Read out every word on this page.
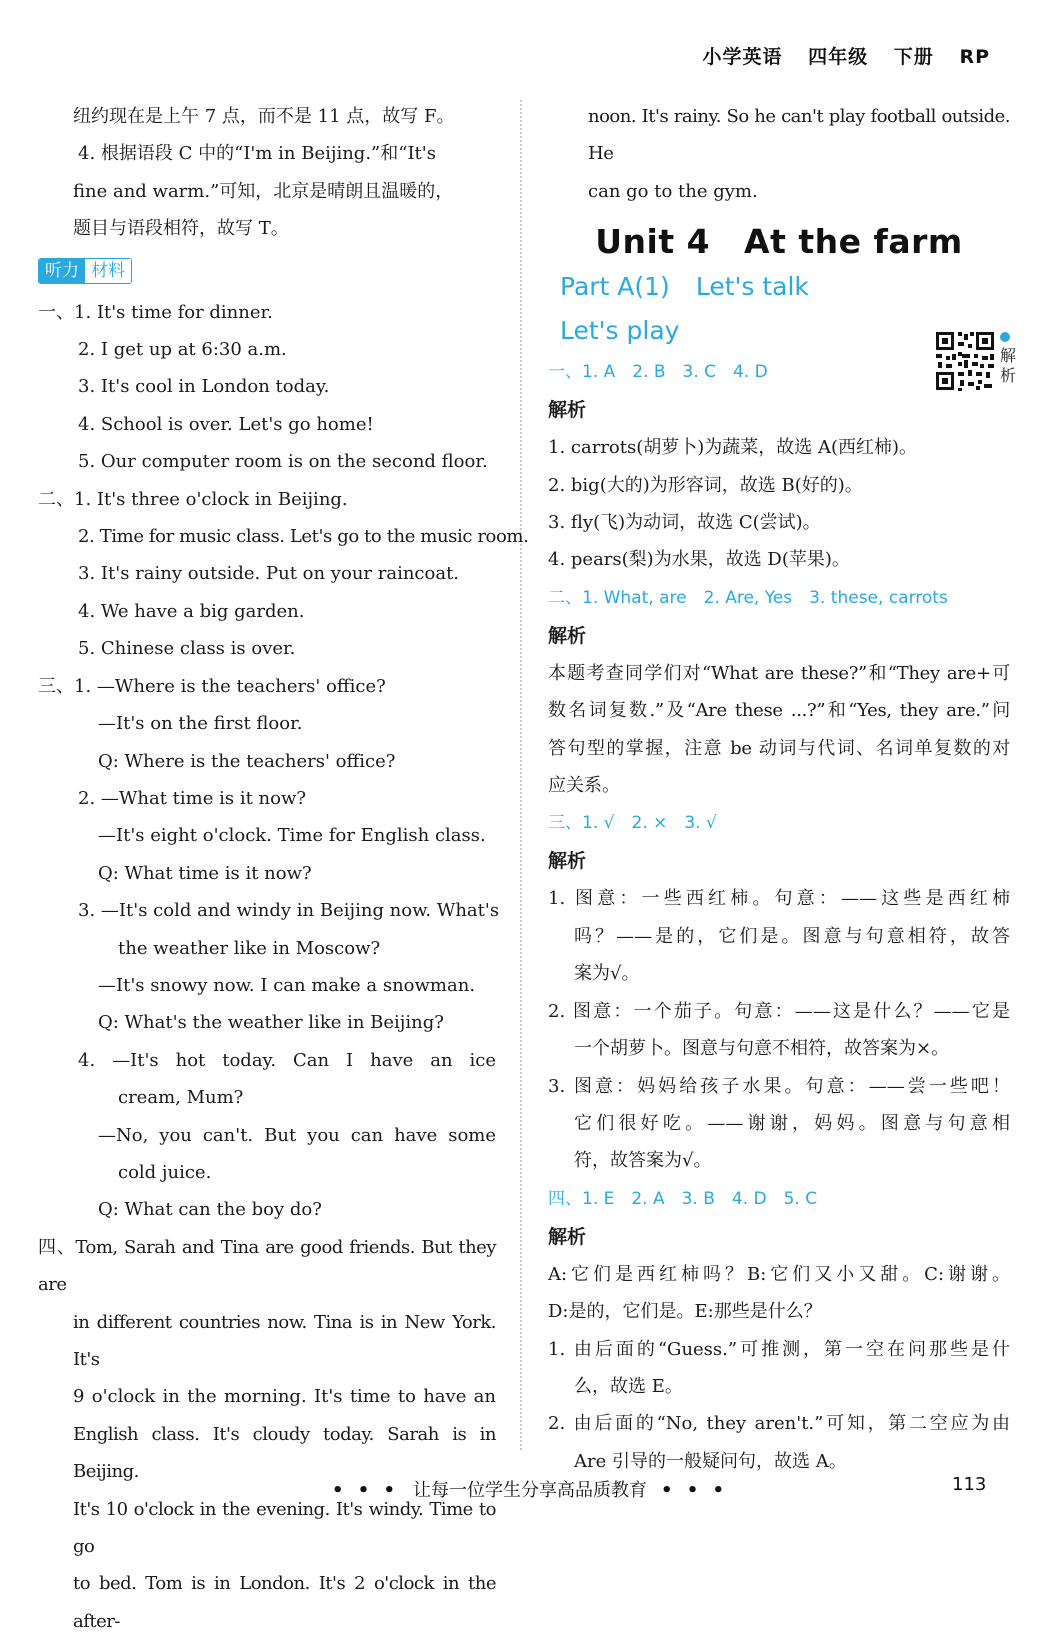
小学英语 四年级 下册 RP
纽约现在是上午 7 点，而不是 11 点，故写 F。
4. 根据语段 C 中的“I'm in Beijing.”和“It's
fine and warm.”可知，北京是晴朗且温暖的，
题目与语段相符，故写 T。
听力 材料
一、1. It's time for dinner.
2. I get up at 6:30 a.m.
3. It's cool in London today.
4. School is over. Let's go home!
5. Our computer room is on the second floor.
二、1. It's three o'clock in Beijing.
2. Time for music class. Let's go to the music room.
3. It's rainy outside. Put on your raincoat.
4. We have a big garden.
5. Chinese class is over.
三、1. —Where is the teachers' office?
—It's on the first floor.
Q: Where is the teachers' office?
2. —What time is it now?
—It's eight o'clock. Time for English class.
Q: What time is it now?
3. —It's cold and windy in Beijing now. What's
the weather like in Moscow?
—It's snowy now. I can make a snowman.
Q: What's the weather like in Beijing?
4. —It's hot today. Can I have an ice
cream, Mum?
—No, you can't. But you can have some
cold juice.
Q: What can the boy do?
四、Tom, Sarah and Tina are good friends. But they are
in different countries now. Tina is in New York. It's
9 o'clock in the morning. It's time to have an
English class. It's cloudy today. Sarah is in Beijing.
It's 10 o'clock in the evening. It's windy. Time to go
to bed. Tom is in London. It's 2 o'clock in the after-
noon. It's rainy. So he can't play football outside. He
can go to the gym.
Unit 4 At the farm
Part A(1) Let's talk
Let's play
解析
一、1. A　2. B　3. C　4. D
解析
1. carrots(胡萝卜)为蔬菜，故选 A(西红柿)。
2. big(大的)为形容词，故选 B(好的)。
3. fly(飞)为动词，故选 C(尝试)。
4. pears(梨)为水果，故选 D(苹果)。
二、1. What, are　2. Are, Yes　3. these, carrots
解析
本题考查同学们对“What are these?”和“They are+可
数名词复数.”及“Are these ...?”和“Yes, they are.”问
答句型的掌握，注意 be 动词与代词、名词单复数的对
应关系。
三、1. √　2. ×　3. √
解析
1. 图意：一些西红柿。句意：——这些是西红柿
吗？——是的，它们是。图意与句意相符，故答
案为√。
2. 图意：一个茄子。句意：——这是什么？——它是
一个胡萝卜。图意与句意不相符，故答案为×。
3. 图意：妈妈给孩子水果。句意：——尝一些吧！
它们很好吃。——谢谢，妈妈。图意与句意相
符，故答案为√。
四、1. E　2. A　3. B　4. D　5. C
解析
A:它们是西红柿吗？B:它们又小又甜。C:谢谢。
D:是的，它们是。E:那些是什么？
1. 由后面的“Guess.”可推测，第一空在问那些是什
么，故选 E。
2. 由后面的“No, they aren't.”可知，第二空应为由
Are 引导的一般疑问句，故选 A。
• • • 让每一位学生分享高品质教育 • • •	113
